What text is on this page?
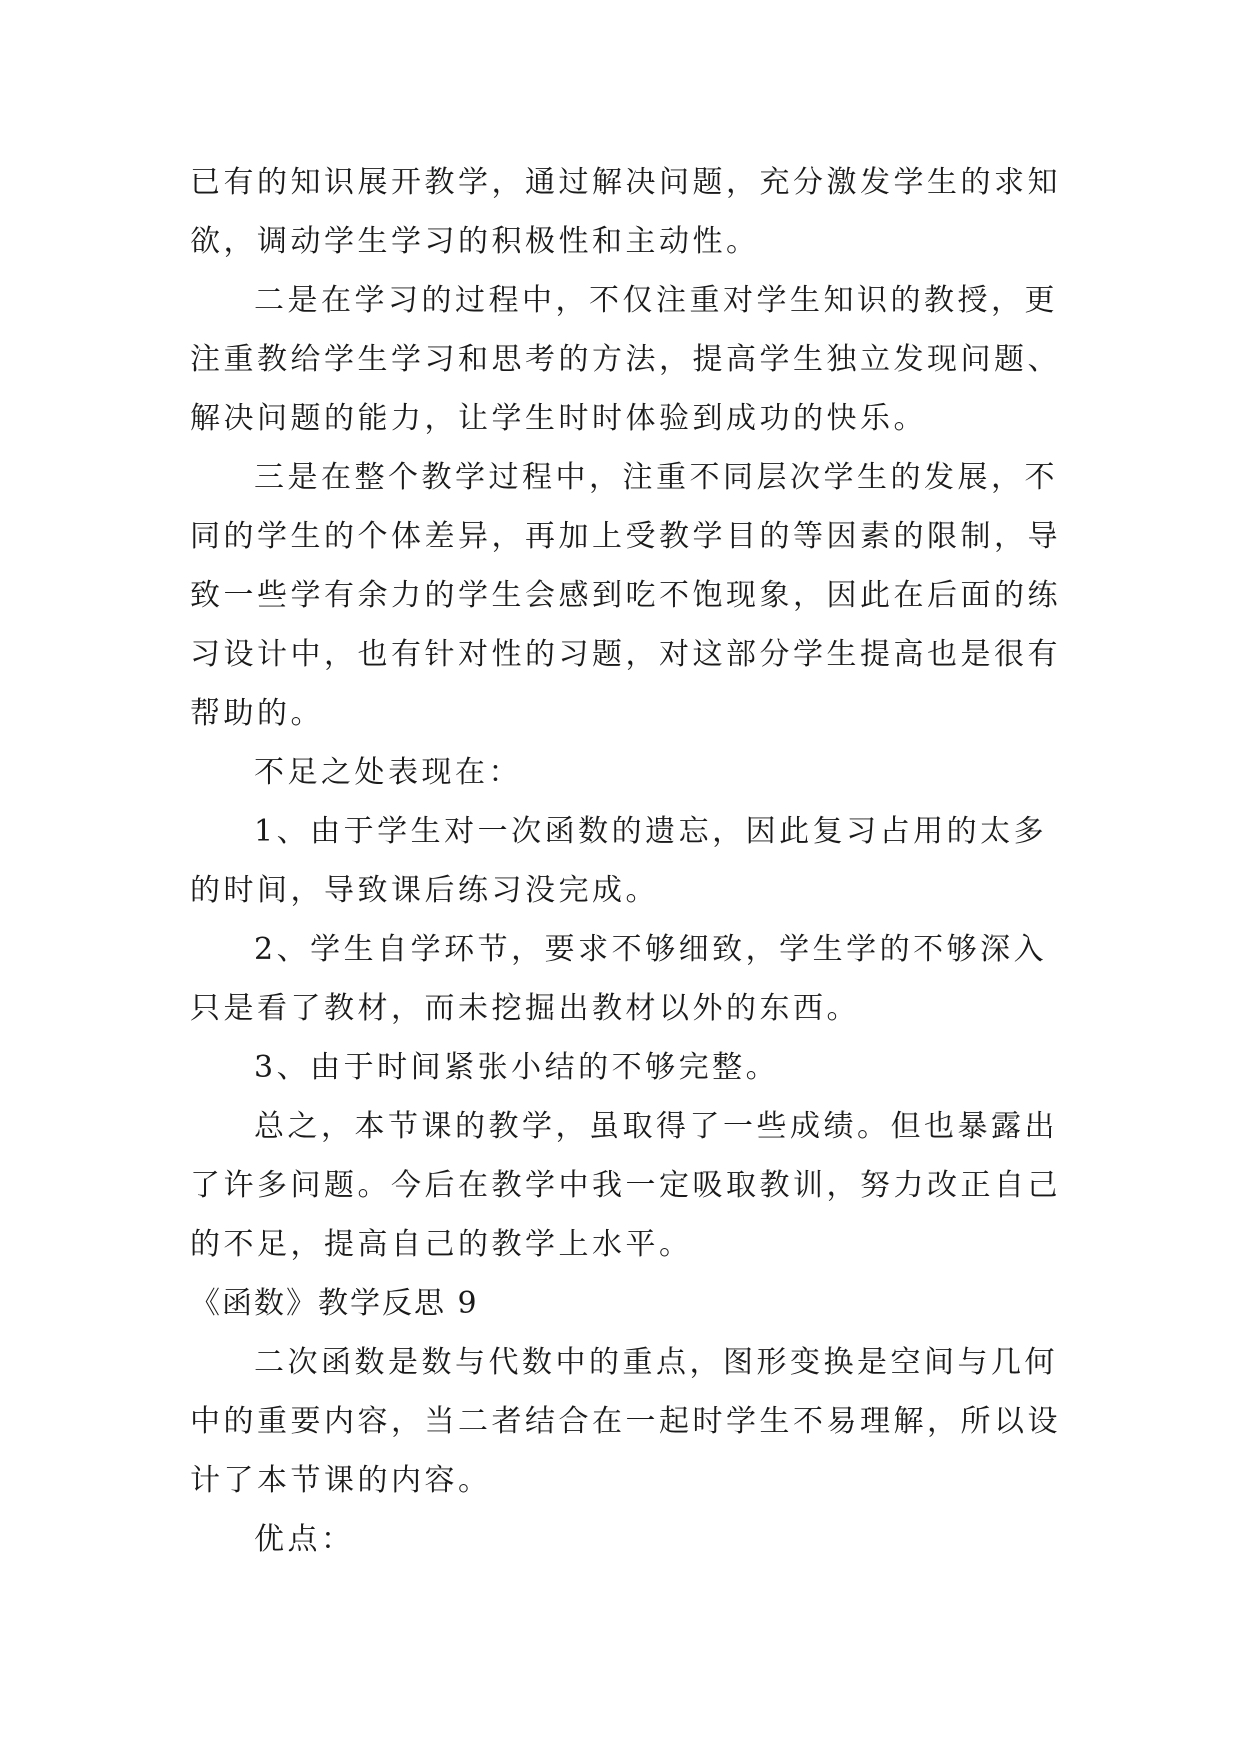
已有的知识展开教学，通过解决问题，充分激发学生的求知
欲，调动学生学习的积极性和主动性。
二是在学习的过程中，不仅注重对学生知识的教授，更
注重教给学生学习和思考的方法，提高学生独立发现问题、
解决问题的能力，让学生时时体验到成功的快乐。
三是在整个教学过程中，注重不同层次学生的发展，不
同的学生的个体差异，再加上受教学目的等因素的限制，导
致一些学有余力的学生会感到吃不饱现象，因此在后面的练
习设计中，也有针对性的习题，对这部分学生提高也是很有
帮助的。
不足之处表现在：
1、由于学生对一次函数的遗忘，因此复习占用的太多
的时间，导致课后练习没完成。
2、学生自学环节，要求不够细致，学生学的不够深入
只是看了教材，而未挖掘出教材以外的东西。
3、由于时间紧张小结的不够完整。
总之，本节课的教学，虽取得了一些成绩。但也暴露出
了许多问题。今后在教学中我一定吸取教训，努力改正自己
的不足，提高自己的教学上水平。
《函数》教学反思 9
二次函数是数与代数中的重点，图形变换是空间与几何
中的重要内容，当二者结合在一起时学生不易理解，所以设
计了本节课的内容。
优点：
